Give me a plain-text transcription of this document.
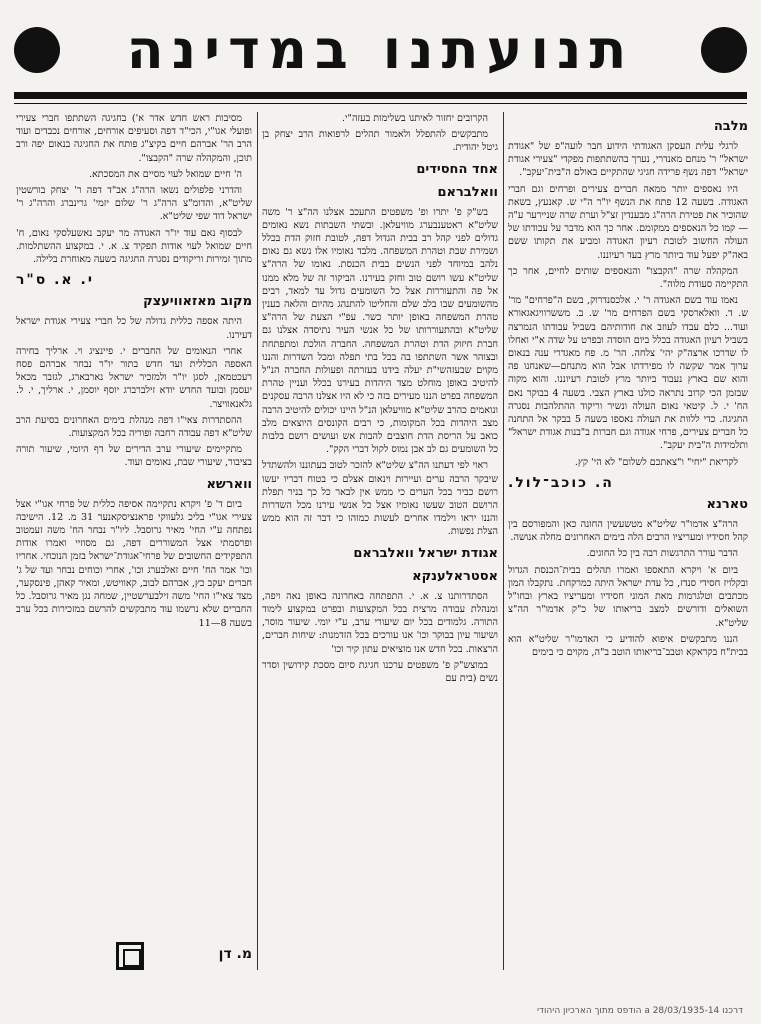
תנועתנו במדינה
מלבה

לרגלי עלית העסקן האגודתי הידוע חבר לועה"פ של "אגודת ישראל" ר' מנחם מאנדרי, נערך בהשתתפות מפקדי "צעירי אגודת ישראל" דפה נשף פרידה חגיגי שהתקיים באולם ה"בית־יעקב".

היו נאספים יותר ממאה חברים צעירים ופרחים וגם חברי האגודה. בשעה 12 פתח את הנשף יו"ר ה"י ש. קאנעץ, בשאת שהוכיר את פטירת הרה"ג מבענדין זצ"ל וערת שרה שניירער ע"ה — קמו כל הנאספים ממקומם. אחר כך הוא מדבר על עבודתו של העולה החשוב לטובת רעיון האגודה ומביע את תקותו ששם באה"ק יפעל עוד ביותר מרץ בעד רעיוננו.

המקהלה שרה "הקבצו" והנאספים שותים לחיים, אחר כך התקיימה סעודת מלוה".

נאמו עוד בשם האגודה ר' י. אלכסנדרוק, בשם ה"פרחים" מר' ש. ד. וואלארסקי בשם הפרחים מר' ש. ב. מששרוויגאגאורא ועוד... כלם עבדו לעוזב את חודותיהם בשביל עבודתו הנמרצה בשביל רעיון האגודה בכלל ביום הוסדה ובפרט על שדה א"י ואחלו לו שדרכו ארצה"ק יהי' צלחה. הר' מ. פח מאגדרי ענה בנאום ערוך אמר שקשה לו מפירדתו אבל הוא מתנחם—שאנחנו פה והוא שם בארץ נעבוד ביותר מרץ לטובת רעיוננו. והוא מקוה שבזמן הכי קרוב נתראה כולנו בארץ הצבי. בשעה 4 בבוקר נאם הח' י. ל. קיטאי נאום העולה ונשיר וריקוד ההתלהבות נסגרה החגיגה. כדי ללוות את העולה נאספו בשעה 5 בבקר אל התחנה כל חברים צעירים, פרחי אגודה וגם חברות ב"בנות אגודת ישראל" ותלמידות ה"בית יעקב".

לקריאת "יחי" ו"צאתכם לשלום" לא הי' קץ.

ה. כוכב־לול.
טארנא

הרה"צ אדמו"ר שליט"א מטשעשין החונה כאן והמפורסם בין קהל חסידיו ומעריציו הרבים הלה בימים האחרונים מחלה אנושה.

הדבר עורר התרגשות רבה בין כל החוגים.

ביום א' ויקרא התאספו ואמרו תהלים בבית־הכנסת הגדול ובקלויז חסידי סנדז, כל עדת ישראל היתה כמרקחת. נתקבלו המון מכתבים וטלגרמות מאת המוני חסידיו ומעריציו בארץ ובחו"ל השואלים ודורשים למצב בריאותו של כ"ק אדמו"ר הה"צ שליט"א.

הננו מתבקשים איפוא להודיע כי האדמו"ר שליט"א הוא בבית"ח בקראקא וטבב־בריאותו הוטב ב"ה, מקוים כי בימים

הקרובים יחזור לאיתנו בשלימות בעזה"י.

מתבקשים להתפלל ולאמור תהלים לרפואות הרב יצחק בן גיטל יהודית.

אחד החסידים
וואלבראם

בש"ק פ' יתרו ופ' משפטים התעכב אצלנו הה"צ ר' משה שליט"א ראטענבערג מוויעלאן. ובשתי השבתות נשא נאומים גדולים לפני קהל רב בבית הגדול דפה, לטובת חזוק הדת בכלל ושמירת שבת וטהרת המשפחה. מלבד נאומיו אלו נשא גם נאום נלהב במיוחד לפני הנשים בבית הכנסת. נאומו של הרה"צ שליט"א עשו רושם טוב וחזק בעירנו. הביקור זה של מלא ממנו אל פה והתעוררות אצל כל השומעים גדול עד למאד, רבים מהשומעים שבו בלב שלם והחליטו להתנהג מהיום והלאה בענין טהרת המשפחה באופן יותר כשר. עפ"י הצעת של הרה"צ שליט"א ובהתעוררותו של כל אנשי העיר נתיסדה אצלנו גם חברת חיזוק הדת וטהרת המשפחה. החברה הולכת ומתפתחת ובצוהר אשר השתתפו בה בכל בתי תפלה ומכל השדרות והננו מקוים שבעזהשי"ת יעלה בידנו בעזרתה ופעולות החברה הנ"ל להיטיב באופן מוחלט מצד היהדות בעירנו בכלל ועניין טהרת המשפחה בפרט הננו מעירים בזה כי לא היו אצלנו הרבה עסקנים ונואמים כהרב שליט"א מוויעלאן הנ"ל היינו יכולים להיטיב הרבה מצב היהדות בכל המקומות, כי רבים הקונסים היוצאים מלב כואב על הריסת הדת חוצבים להבות אש ועושים רושם בלבות כל השומעים גם לב אבן נמוס לקול דברי הקק".

ראוי לפי דעתנו הה"צ שליט"א להזכר לטוב בעתוננו ולהשתדל שיבקר הרבה ערים ועיירות וינאום אצלם כי בטוח דבריו יעשו רושם כביר בכל הערים כי ממש אין לבאר כל כך בניר תפלת הרושם הטוב שעשו נאומיו אצל כל אנשי עירנו מכל השדרות והננו יראו וילמדו אחרים לעשות כמוהו כי דבר זה הוא ממש הצלת נפשות.

אגודת ישראל וואלבראם
אסטראלענקא

הסתדרותנו צ. א. י. התפתחה באחרונה באופן נאה ויפה, ומנהלת עבודה מרצית בכל המקצועות ובפרט במקצוע לימוד התורה. גלמודים בכל יום שיעורי ערב, ע"י יומי. שיעור מוסר, ושיעור עיון בבוקר וכו' אנו עורכים בכל הזדמנות: שיחות חברים, הרצאות. בכל חדש אנו מוציאים עתון קיר וכו'

במוצש"ק פ' משפטים ערכנו חגיגת סיום מסכת קידושין וסדר נשים (בית עם

מסיבות ראש חדש אדר א') בחגיגה השתתפו חברי צעירי ופועלי אגו"י, הכי"ד דפה וסעיפים אורחים, אורחים נכבדים ועוד הרב הר' אברהם חיים בקיצ"ג פותח את החגיגה בנאום יפה ורב תוכן, והמקהלה שרה "הקבצו".

ה' חיים שמואל לעוי מסיים את המסכתא.

והדרני פלפולים נשאו הרה"ג אב"ד דפה ר' יצחק בורשטין שליט"א, והדומ"צ הרה"ג ר' שלום יזמי' גרינברג והרה"ג ר' ישראל דוד שפי שליט"א.

לבסוף נאם עוד יו"ר האגודה מר יעקב נאשעלסקי נאום, ח' חיים שמואל לעוי אודות תפקיד צ. א. י. במקצוע ההשתלמות. מתוך זמירות וריקודים נסגרה החגיגה בשעה מאוחרת בלילה.

י. א. ס"ר
מקוב מאזאוויעצק

היתה אספה כללית גדולה של כל חברי צעירי אגודת ישראל דעירנו.

אחרי הנאומים של החברים י. פיינציג וי. ארליך בחירה האספה הכללית ועד חדש בתור יו"ר נבחר אברהם פסח רעכטמאן, לסגן יו"ר ולמזכיר ישראל נארבארג, לגזבר מכאל יעסמן ובועד החדש יודא זילברברג יוסף יוסמן, י. ארליך, י. ל. גלאנאוויצר.

ההסתדרות צאי"ו דפה מנהלת בימים האחרונים בסיעת הרב שליט"א דפה עבודה רחבה ופוריה בכל המקצועות.

מתקיימים שיעורי ערב הדירים של דף היומי, שיעור תורה בציבור, שיעורי שבת, נאומים ועוד.

ווארשא

ביום ד' פ' ויקרא נתקיימה אסיפה כללית של פרחי אגו"י אצל צעירי אגו"י בליכ גלעווקי פראנציסקאנער 31 מ. 12. הישיבה נפתחה ע"י החי' מאיר גרוסבל. ליו"ר נבחר הח' משה זעמטוב ופרסמתי אצל המשוררים דפה, גם מסוזיי ואמרו אודות התפקידים החשובים של פרחי־אגודת־ישראל בזמן הנוכחי. אחריו וכו' אמר הח' חיים זאלבערג וכו', אחרי וכוחים נבחר ועד של ג' חברים יעקב כץ, אברהם לבוב, קאוויטש, ומאיר קאהן, פינסקער, מצד צאי"ו החי' משה זילבערשטיין, שמחה נגן מאיר גרוסבל. כל החברים שלא נרשמו עוד מתבקשים להרשם במזכירות בכל ערב בשעה 8—11

מ. דן
דרכנו 14-a 28/03/1935 הודפס מתוך הארכיון היהודי
